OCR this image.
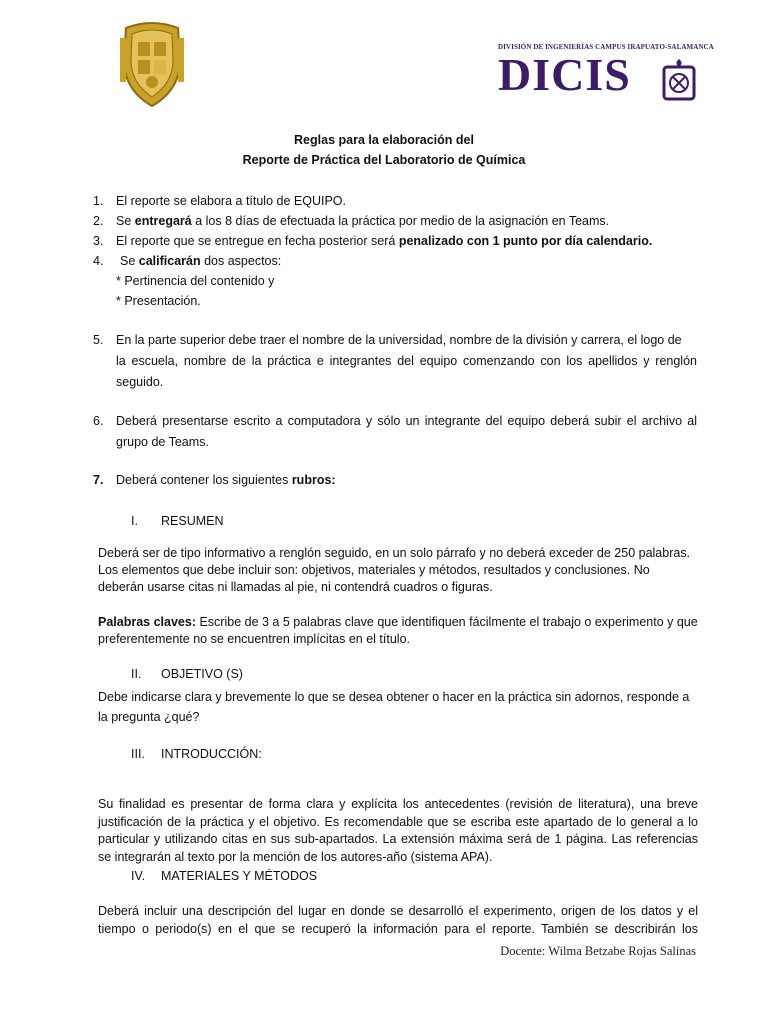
DIVISIÓN DE INGENIERÍAS CAMPUS IRAPUATO-SALAMANCA
DICIS
Reglas para la elaboración del
Reporte de Práctica del Laboratorio de Química
1. El reporte se elabora a título de EQUIPO.
2. Se entregará a los 8 días de efectuada la práctica por medio de la asignación en Teams.
3. El reporte que se entregue en fecha posterior será penalizado con 1 punto por día calendario.
4. Se calificarán dos aspectos:
* Pertinencia del contenido y
* Presentación.
5. En la parte superior debe traer el nombre de la universidad, nombre de la división y carrera, el logo de
la escuela, nombre de la práctica e integrantes del equipo comenzando con los apellidos y renglón
seguido.
6. Deberá presentarse escrito a computadora y sólo un integrante del equipo deberá subir el archivo al
grupo de Teams.
7. Deberá contener los siguientes rubros:
I. RESUMEN
Deberá ser de tipo informativo a renglón seguido, en un solo párrafo y no deberá exceder de 250 palabras. Los elementos que debe incluir son: objetivos, materiales y métodos, resultados y conclusiones. No deberán usarse citas ni llamadas al pie, ni contendrá cuadros o figuras.
Palabras claves: Escribe de 3 a 5 palabras clave que identifiquen fácilmente el trabajo o experimento y que preferentemente no se encuentren implícitas en el título.
II. OBJETIVO (S)
Debe indicarse clara y brevemente lo que se desea obtener o hacer en la práctica sin adornos, responde a la pregunta ¿qué?
III. INTRODUCCIÓN:
Su finalidad es presentar de forma clara y explícita los antecedentes (revisión de literatura), una breve justificación de la práctica y el objetivo. Es recomendable que se escriba este apartado de lo general a lo particular y utilizando citas en sus sub-apartados. La extensión máxima será de 1 página. Las referencias se integrarán al texto por la mención de los autores-año (sistema APA).
IV. MATERIALES Y MÉTODOS
Deberá incluir una descripción del lugar en donde se desarrolló el experimento, origen de los datos y el tiempo o periodo(s) en el que se recuperó la información para el reporte. También se describirán los
Docente: Wilma Betzabe Rojas Salinas
